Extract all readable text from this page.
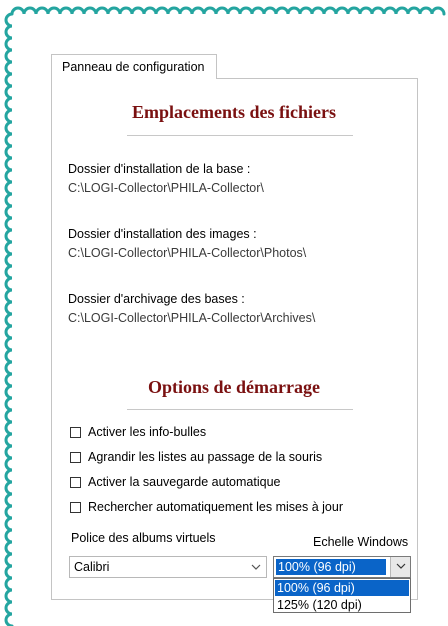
Panneau de configuration
Emplacements des fichiers
Dossier d'installation de la base :
C:\LOGI-Collector\PHILA-Collector\
Dossier d'installation des images :
C:\LOGI-Collector\PHILA-Collector\Photos\
Dossier d'archivage des bases :
C:\LOGI-Collector\PHILA-Collector\Archives\
Options de démarrage
Activer les info-bulles
Agrandir les listes au passage de la souris
Activer la sauvegarde automatique
Rechercher automatiquement les mises à jour
Police des albums virtuels	Echelle Windows
Calibri	100% (96 dpi)
100% (96 dpi)
125% (120 dpi)
